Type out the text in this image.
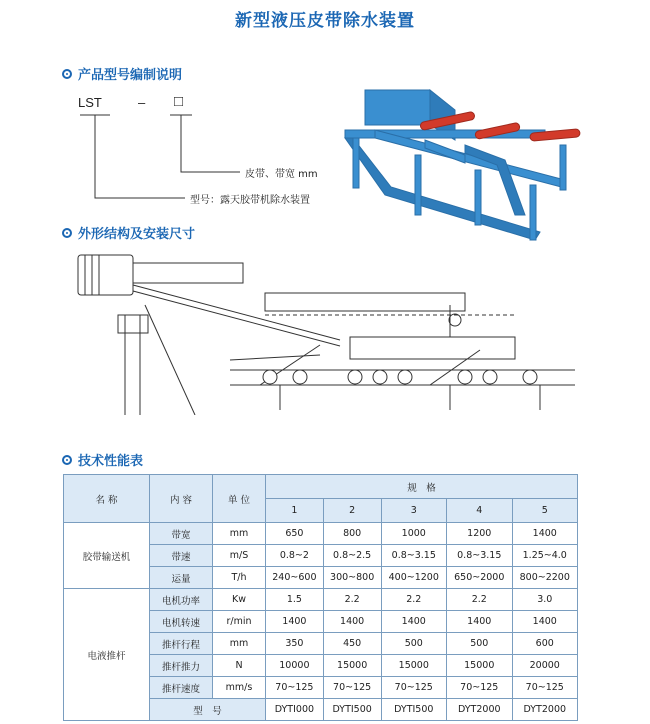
新型液压皮带除水装置
产品型号编制说明
LST	– □
皮带、带宽 mm
型号：露天胶带机除水装置
外形结构及安装尺寸
技术性能表
名 称	内 容	单 位	规　格				
			1	2	3	4	5
胶带输送机	带宽	mm	650	800	1000	1200	1400
	带速	m/S	0.8~2	0.8~2.5	0.8~3.15	0.8~3.15	1.25~4.0
	运量	T/h	240~600	300~800	400~1200	650~2000	800~2200
电液推杆	电机功率	Kw	1.5	2.2	2.2	2.2	3.0
	电机转速	r/min	1400	1400	1400	1400	1400
	推杆行程	mm	350	450	500	500	600
	推杆推力	N	10000	15000	15000	15000	20000
	推杆速度	mm/s	70~125	70~125	70~125	70~125	70~125
	型　号		DYTI000	DYTI500	DYTI500	DYT2000	DYT2000
